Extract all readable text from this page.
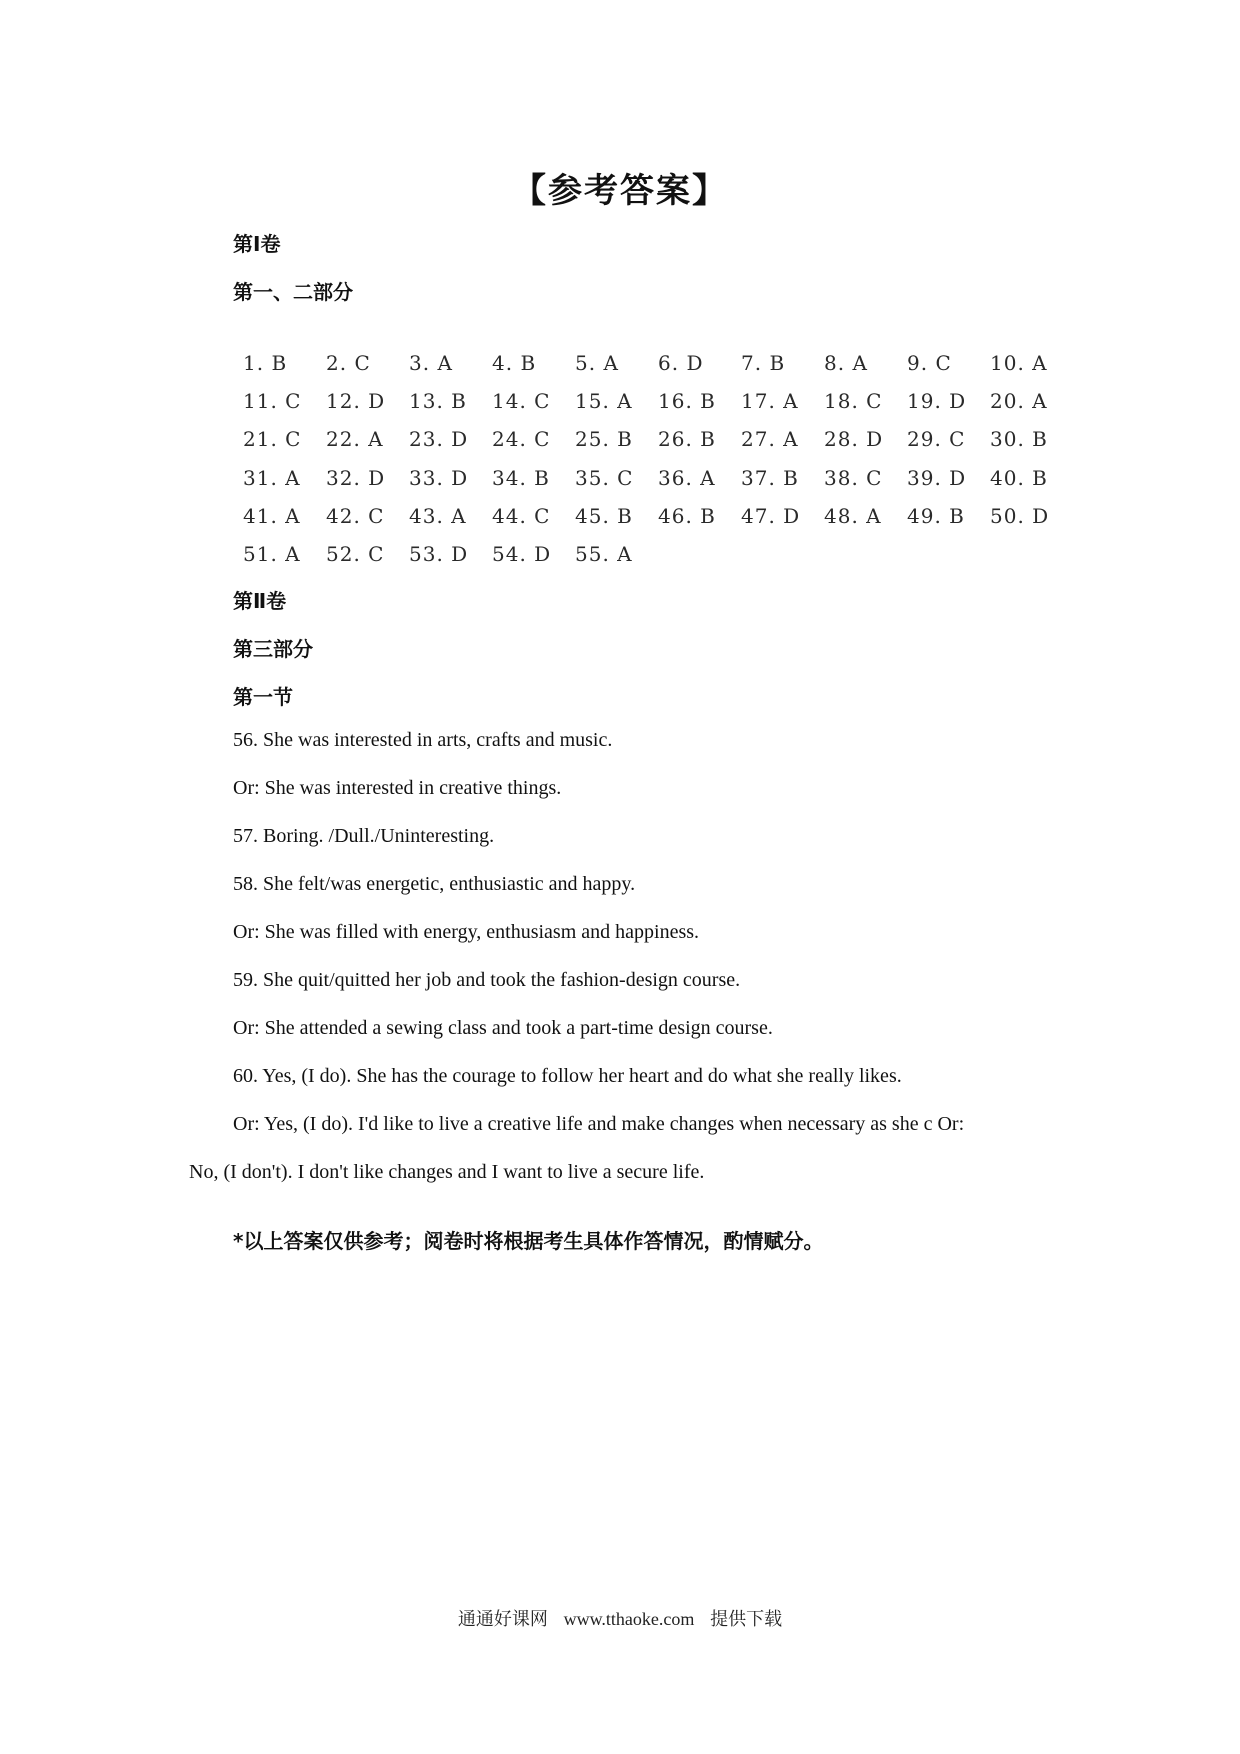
【参考答案】
第Ⅰ卷
第一、二部分
1. B	2. C	3. A	4. B	5. A	6. D	7. B	8. A	9. C	10. A
11. C	12. D	13. B	14. C	15. A	16. B	17. A	18. C	19. D	20. A
21. C	22. A	23. D	24. C	25. B	26. B	27. A	28. D	29. C	30. B
31. A	32. D	33. D	34. B	35. C	36. A	37. B	38. C	39. D	40. B
41. A	42. C	43. A	44. C	45. B	46. B	47. D	48. A	49. B	50. D
51. A	52. C	53. D	54. D	55. A
第Ⅱ卷
第三部分
第一节
56. She was interested in arts, crafts and music.
Or: She was interested in creative things.
57. Boring. /Dull./Uninteresting.
58. She felt/was energetic, enthusiastic and happy.
Or: She was filled with energy, enthusiasm and happiness.
59. She quit/quitted her job and took the fashion-design course.
Or: She attended a sewing class and took a part-time design course.
60. Yes, (I do). She has the courage to follow her heart and do what she really likes.
Or: Yes, (I do). I'd like to live a creative life and make changes when necessary as she c Or:
No, (I don't). I don't like changes and I want to live a secure life.
*以上答案仅供参考；阅卷时将根据考生具体作答情况，酌情赋分。
通通好课网 www.tthaoke.com 提供下载
